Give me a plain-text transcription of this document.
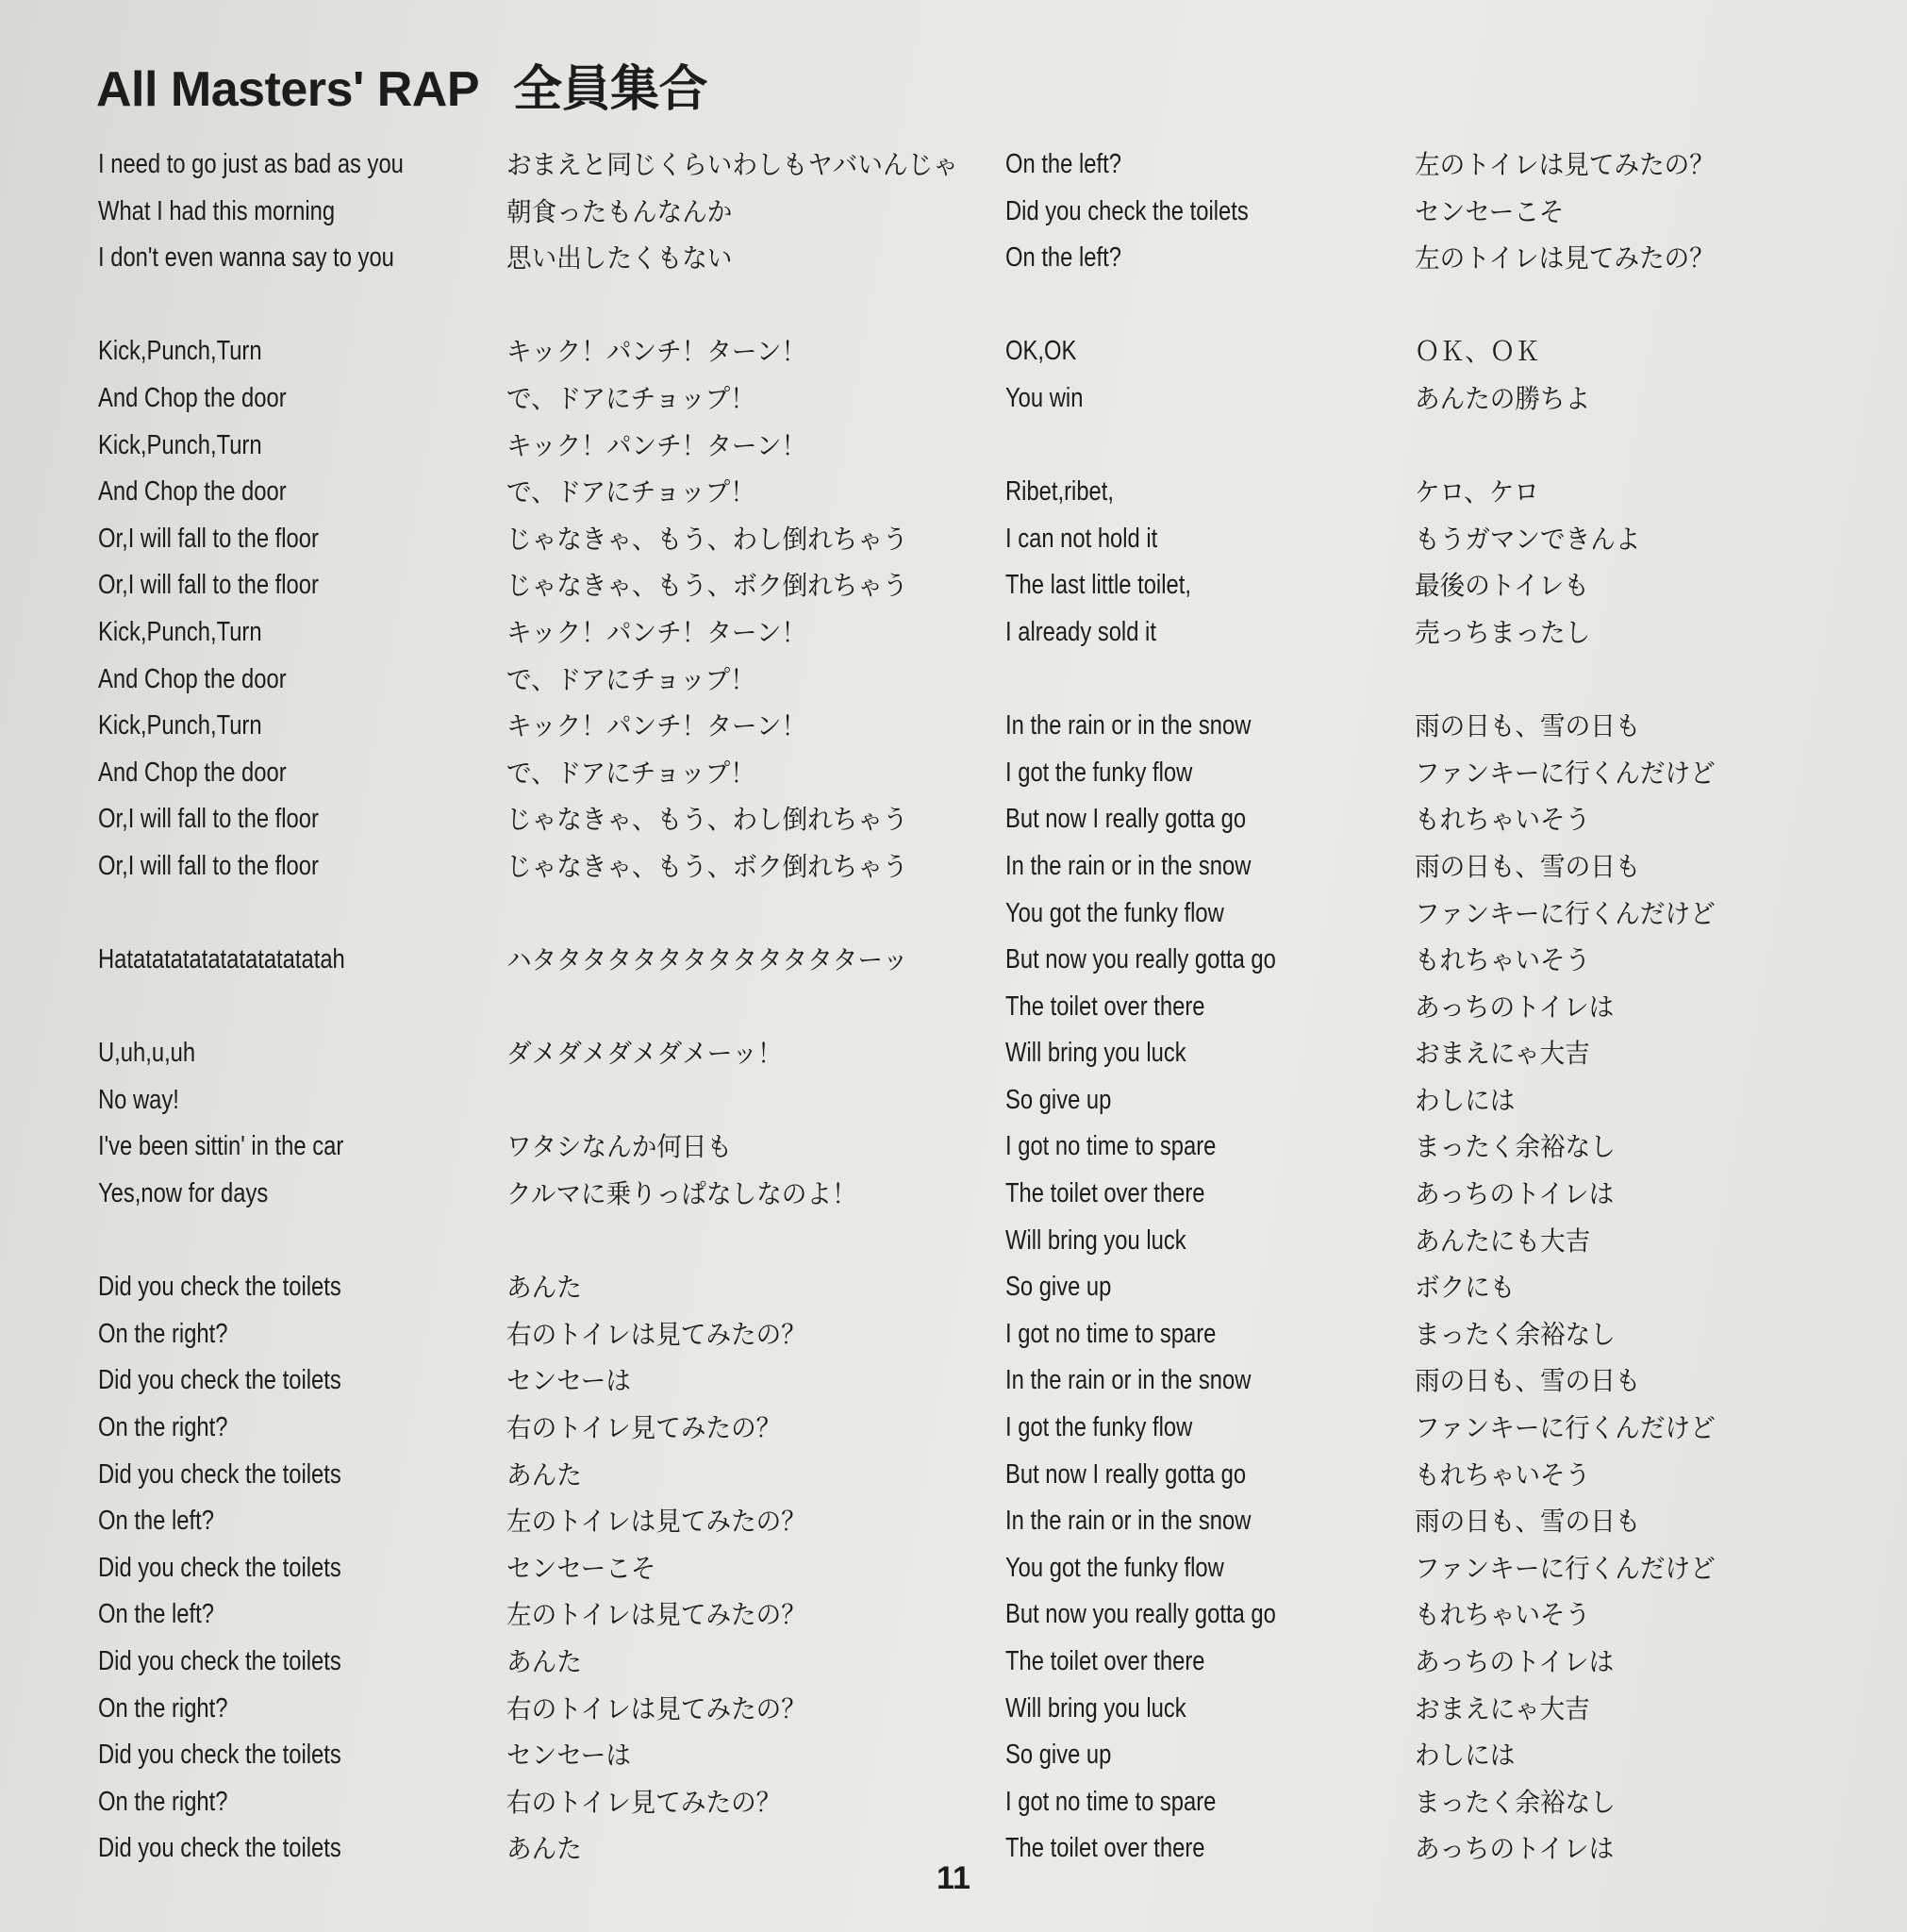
All Masters' RAP 全員集合
I need to go just as bad as you
What I had this morning
I don't even wanna say to you
Kick,Punch,Turn
And Chop the door
Kick,Punch,Turn
And Chop the door
Or,I will fall to the floor
Or,I will fall to the floor
Kick,Punch,Turn
And Chop the door
Kick,Punch,Turn
And Chop the door
Or,I will fall to the floor
Or,I will fall to the floor
Hatatatatatatatatatatatah
U,uh,u,uh
No way!
I've been sittin' in the car
Yes,now for days
Did you check the toilets
On the right?
Did you check the toilets
On the right?
Did you check the toilets
On the left?
Did you check the toilets
On the left?
Did you check the toilets
On the right?
Did you check the toilets
On the right?
Did you check the toilets
おまえと同じくらいわしもヤバいんじゃ
朝食ったもんなんか
思い出したくもない
キック！パンチ！ターン！
で、ドアにチョップ！
キック！パンチ！ターン！
で、ドアにチョップ！
じゃなきゃ、もう、わし倒れちゃう
じゃなきゃ、もう、ボク倒れちゃう
キック！パンチ！ターン！
で、ドアにチョップ！
キック！パンチ！ターン！
で、ドアにチョップ！
じゃなきゃ、もう、わし倒れちゃう
じゃなきゃ、もう、ボク倒れちゃう
ハタタタタタタタタタタタタターッ
ダメダメダメダメーッ！
ワタシなんか何日も
クルマに乗りっぱなしなのよ！
あんた
右のトイレは見てみたの？
センセーは
右のトイレ見てみたの？
あんた
左のトイレは見てみたの？
センセーこそ
左のトイレは見てみたの？
あんた
右のトイレは見てみたの？
センセーは
右のトイレ見てみたの？
あんた
On the left?
Did you check the toilets
On the left?
OK,OK
You win
Ribet,ribet,
I can not hold it
The last little toilet,
I already sold it
In the rain or in the snow
I got the funky flow
But now I really gotta go
In the rain or in the snow
You got the funky flow
But now you really gotta go
The toilet over there
Will bring you luck
So give up
I got no time to spare
The toilet over there
Will bring you luck
So give up
I got no time to spare
In the rain or in the snow
I got the funky flow
But now I really gotta go
In the rain or in the snow
You got the funky flow
But now you really gotta go
The toilet over there
Will bring you luck
So give up
I got no time to spare
The toilet over there
左のトイレは見てみたの？
センセーこそ
左のトイレは見てみたの？
ＯＫ、ＯＫ
あんたの勝ちよ
ケロ、ケロ
もうガマンできんよ
最後のトイレも
売っちまったし
雨の日も、雪の日も
ファンキーに行くんだけど
もれちゃいそう
雨の日も、雪の日も
ファンキーに行くんだけど
もれちゃいそう
あっちのトイレは
おまえにゃ大吉
わしには
まったく余裕なし
あっちのトイレは
あんたにも大吉
ボクにも
まったく余裕なし
雨の日も、雪の日も
ファンキーに行くんだけど
もれちゃいそう
雨の日も、雪の日も
ファンキーに行くんだけど
もれちゃいそう
あっちのトイレは
おまえにゃ大吉
わしには
まったく余裕なし
あっちのトイレは
11
